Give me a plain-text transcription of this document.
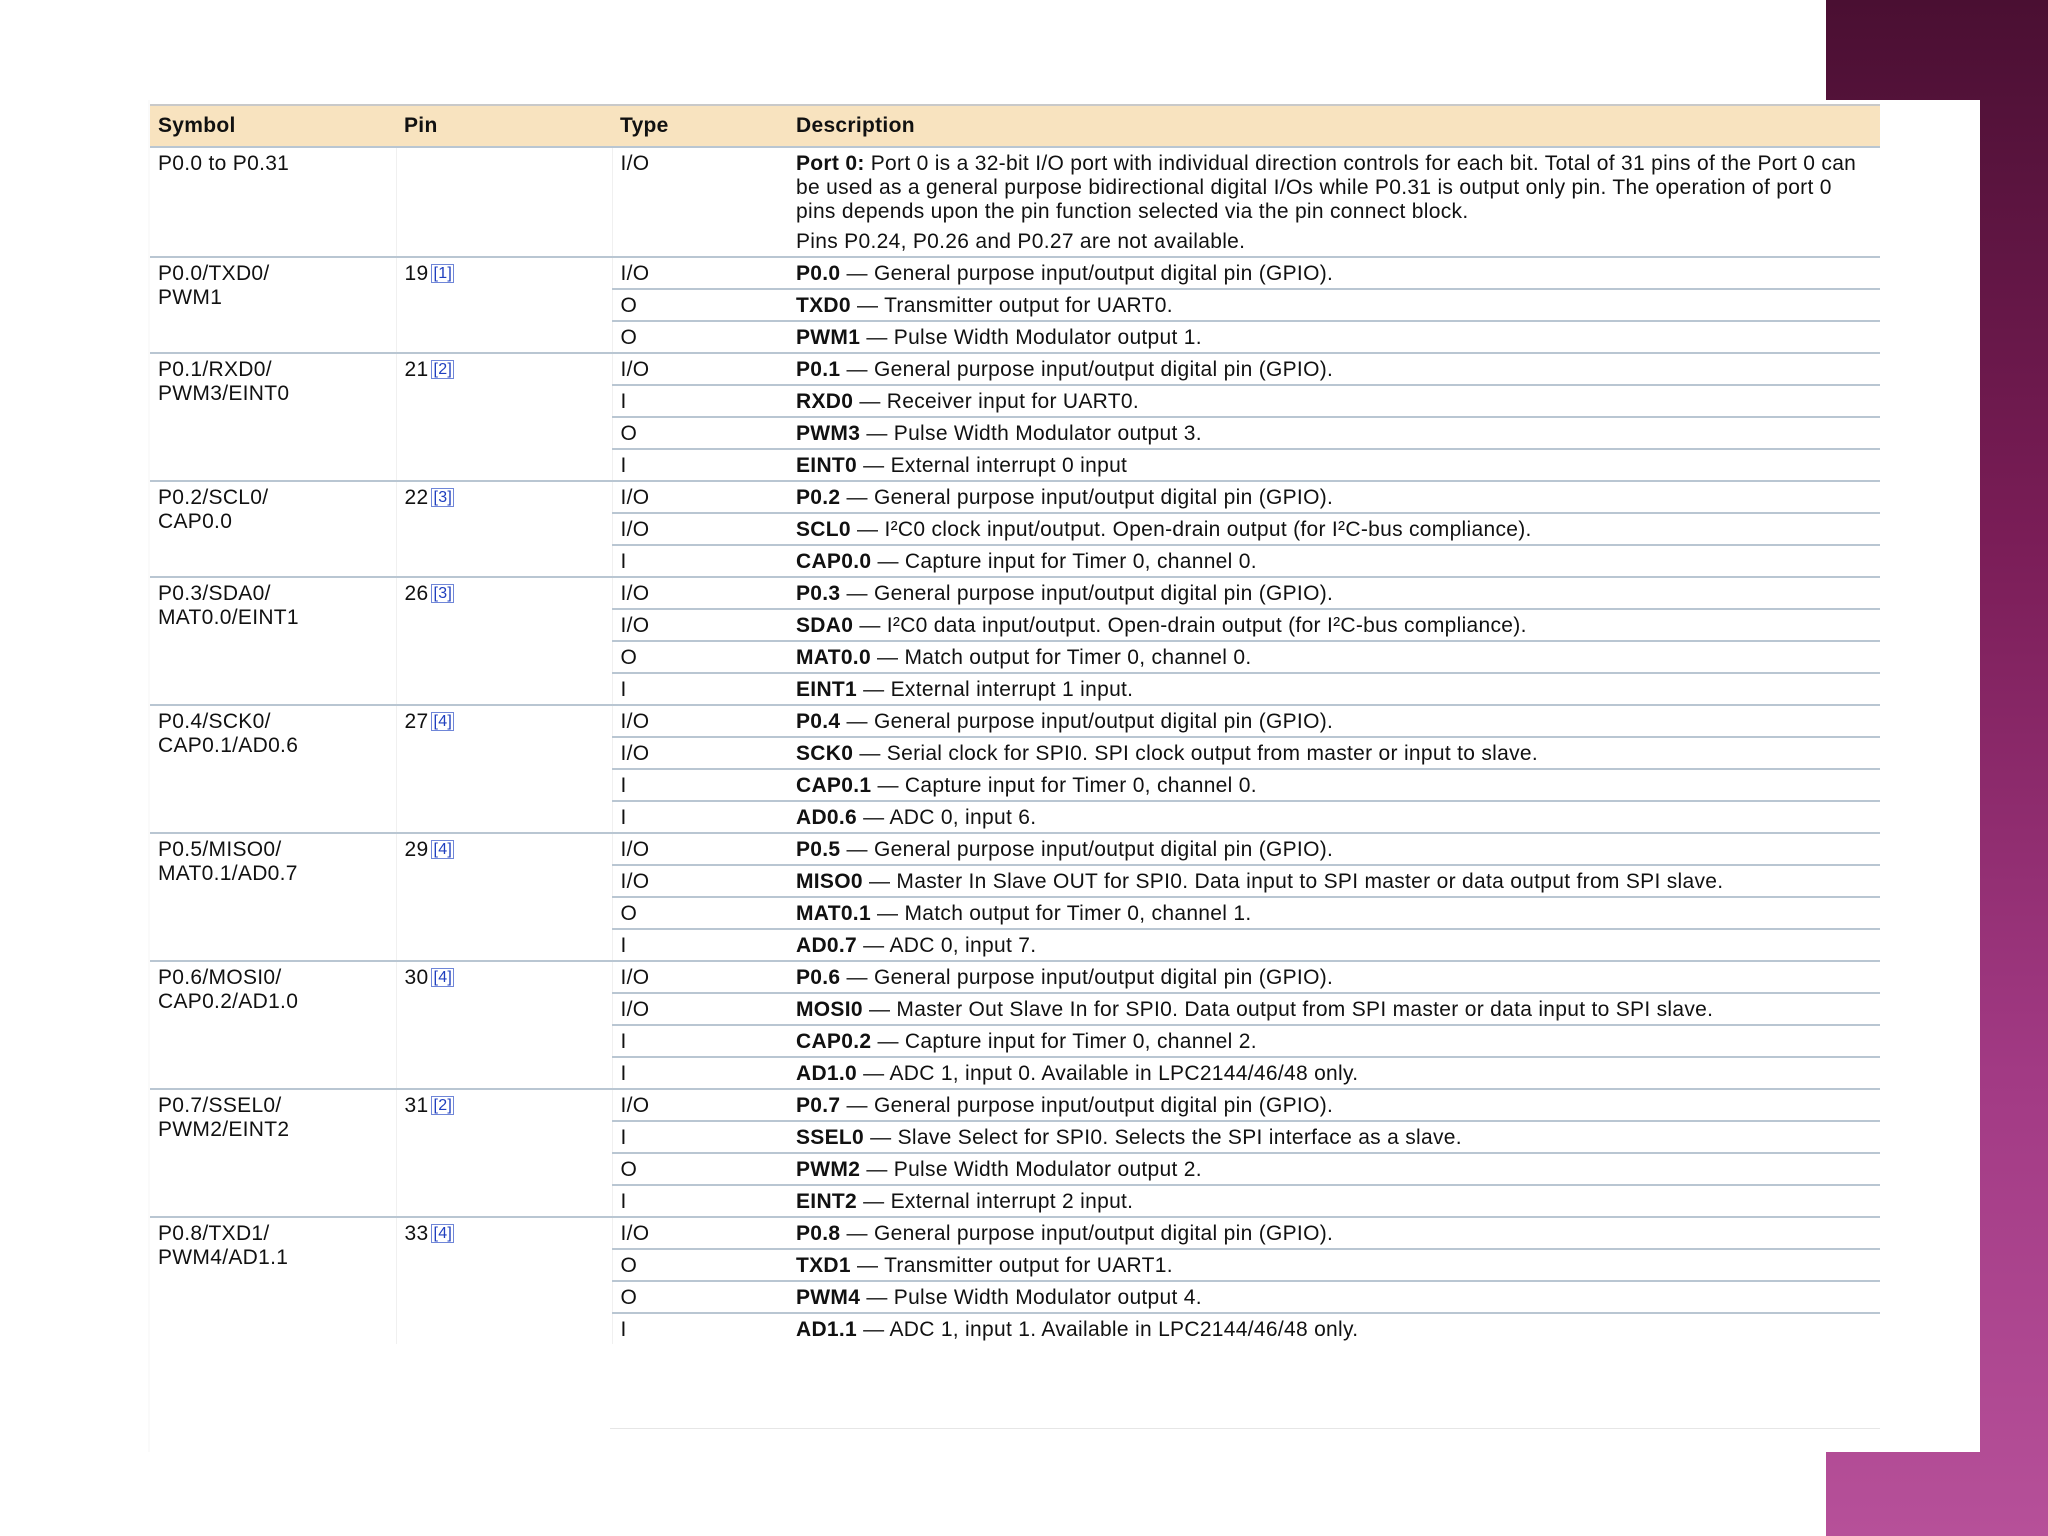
Symbol	Pin	Type	Description
P0.0 to P0.31		I/O	Port 0: Port 0 is a 32-bit I/O port with individual direction controls for each bit. Total of 31 pins of the Port 0 can be used as a general purpose bidirectional digital I/Os while P0.31 is output only pin. The operation of port 0 pins depends upon the pin function selected via the pin connect block.
Pins P0.24, P0.26 and P0.27 are not available.

P0.0/TXD0/
PWM1	19 [1]	I/O	P0.0 — General purpose input/output digital pin (GPIO).
		O	TXD0 — Transmitter output for UART0.
		O	PWM1 — Pulse Width Modulator output 1.
P0.1/RXD0/
PWM3/EINT0	21 [2]	I/O	P0.1 — General purpose input/output digital pin (GPIO).
		I	RXD0 — Receiver input for UART0.
		O	PWM3 — Pulse Width Modulator output 3.
		I	EINT0 — External interrupt 0 input
P0.2/SCL0/
CAP0.0	22 [3]	I/O	P0.2 — General purpose input/output digital pin (GPIO).
		I/O	SCL0 — I²C0 clock input/output. Open-drain output (for I²C-bus compliance).
		I	CAP0.0 — Capture input for Timer 0, channel 0.
P0.3/SDA0/
MAT0.0/EINT1	26 [3]	I/O	P0.3 — General purpose input/output digital pin (GPIO).
		I/O	SDA0 — I²C0 data input/output. Open-drain output (for I²C-bus compliance).
		O	MAT0.0 — Match output for Timer 0, channel 0.
		I	EINT1 — External interrupt 1 input.
P0.4/SCK0/
CAP0.1/AD0.6	27 [4]	I/O	P0.4 — General purpose input/output digital pin (GPIO).
		I/O	SCK0 — Serial clock for SPI0. SPI clock output from master or input to slave.
		I	CAP0.1 — Capture input for Timer 0, channel 0.
		I	AD0.6 — ADC 0, input 6.
P0.5/MISO0/
MAT0.1/AD0.7	29 [4]	I/O	P0.5 — General purpose input/output digital pin (GPIO).
		I/O	MISO0 — Master In Slave OUT for SPI0. Data input to SPI master or data output from SPI slave.
		O	MAT0.1 — Match output for Timer 0, channel 1.
		I	AD0.7 — ADC 0, input 7.
P0.6/MOSI0/
CAP0.2/AD1.0	30 [4]	I/O	P0.6 — General purpose input/output digital pin (GPIO).
		I/O	MOSI0 — Master Out Slave In for SPI0. Data output from SPI master or data input to SPI slave.
		I	CAP0.2 — Capture input for Timer 0, channel 2.
		I	AD1.0 — ADC 1, input 0. Available in LPC2144/46/48 only.
P0.7/SSEL0/
PWM2/EINT2	31 [2]	I/O	P0.7 — General purpose input/output digital pin (GPIO).
		I	SSEL0 — Slave Select for SPI0. Selects the SPI interface as a slave.
		O	PWM2 — Pulse Width Modulator output 2.
		I	EINT2 — External interrupt 2 input.
P0.8/TXD1/
PWM4/AD1.1	33 [4]	I/O	P0.8 — General purpose input/output digital pin (GPIO).
		O	TXD1 — Transmitter output for UART1.
		O	PWM4 — Pulse Width Modulator output 4.
		I	AD1.1 — ADC 1, input 1. Available in LPC2144/46/48 only.
